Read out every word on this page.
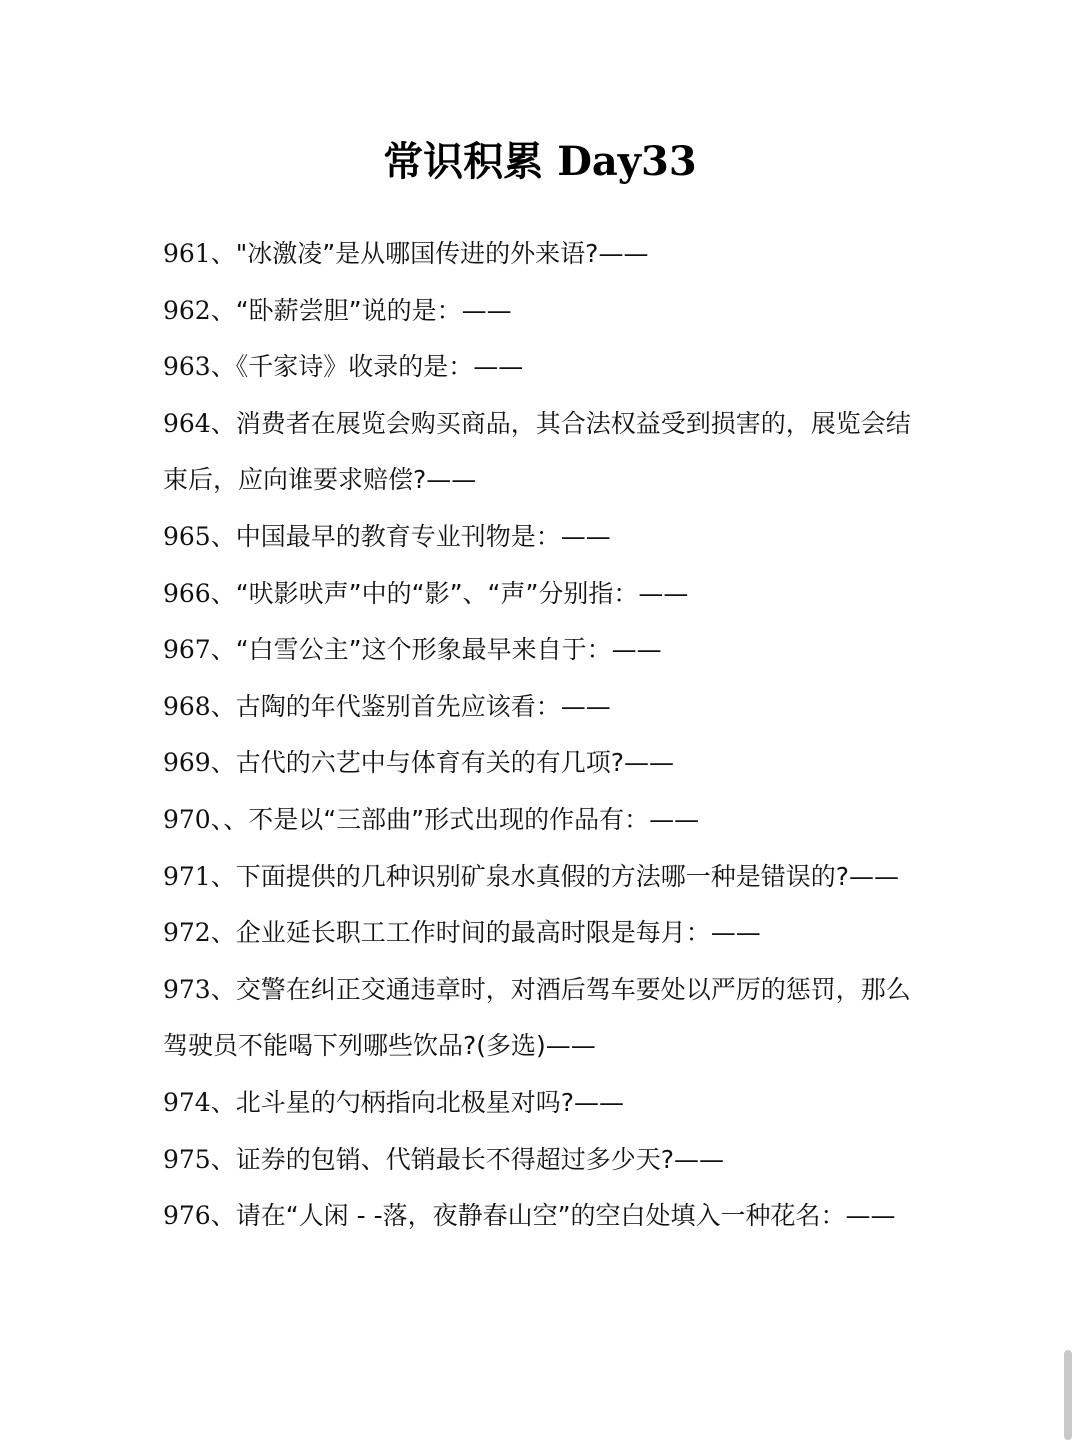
常识积累 Day33
961、"冰激凌”是从哪国传进的外来语?——
962、“卧薪尝胆”说的是：——
963、《千家诗》收录的是：——
964、消费者在展览会购买商品，其合法权益受到损害的，展览会结束后，应向谁要求赔偿?——
965、中国最早的教育专业刊物是：——
966、“吠影吠声”中的“影”、“声”分别指：——
967、“白雪公主”这个形象最早来自于：——
968、古陶的年代鉴别首先应该看：——
969、古代的六艺中与体育有关的有几项?——
970、、不是以“三部曲”形式出现的作品有：——
971、下面提供的几种识别矿泉水真假的方法哪一种是错误的?——
972、企业延长职工工作时间的最高时限是每月：——
973、交警在纠正交通违章时，对酒后驾车要处以严厉的惩罚，那么驾驶员不能喝下列哪些饮品?(多选)——
974、北斗星的勺柄指向北极星对吗?——
975、证券的包销、代销最长不得超过多少天?——
976、请在“人闲 - -落，夜静春山空”的空白处填入一种花名：——
